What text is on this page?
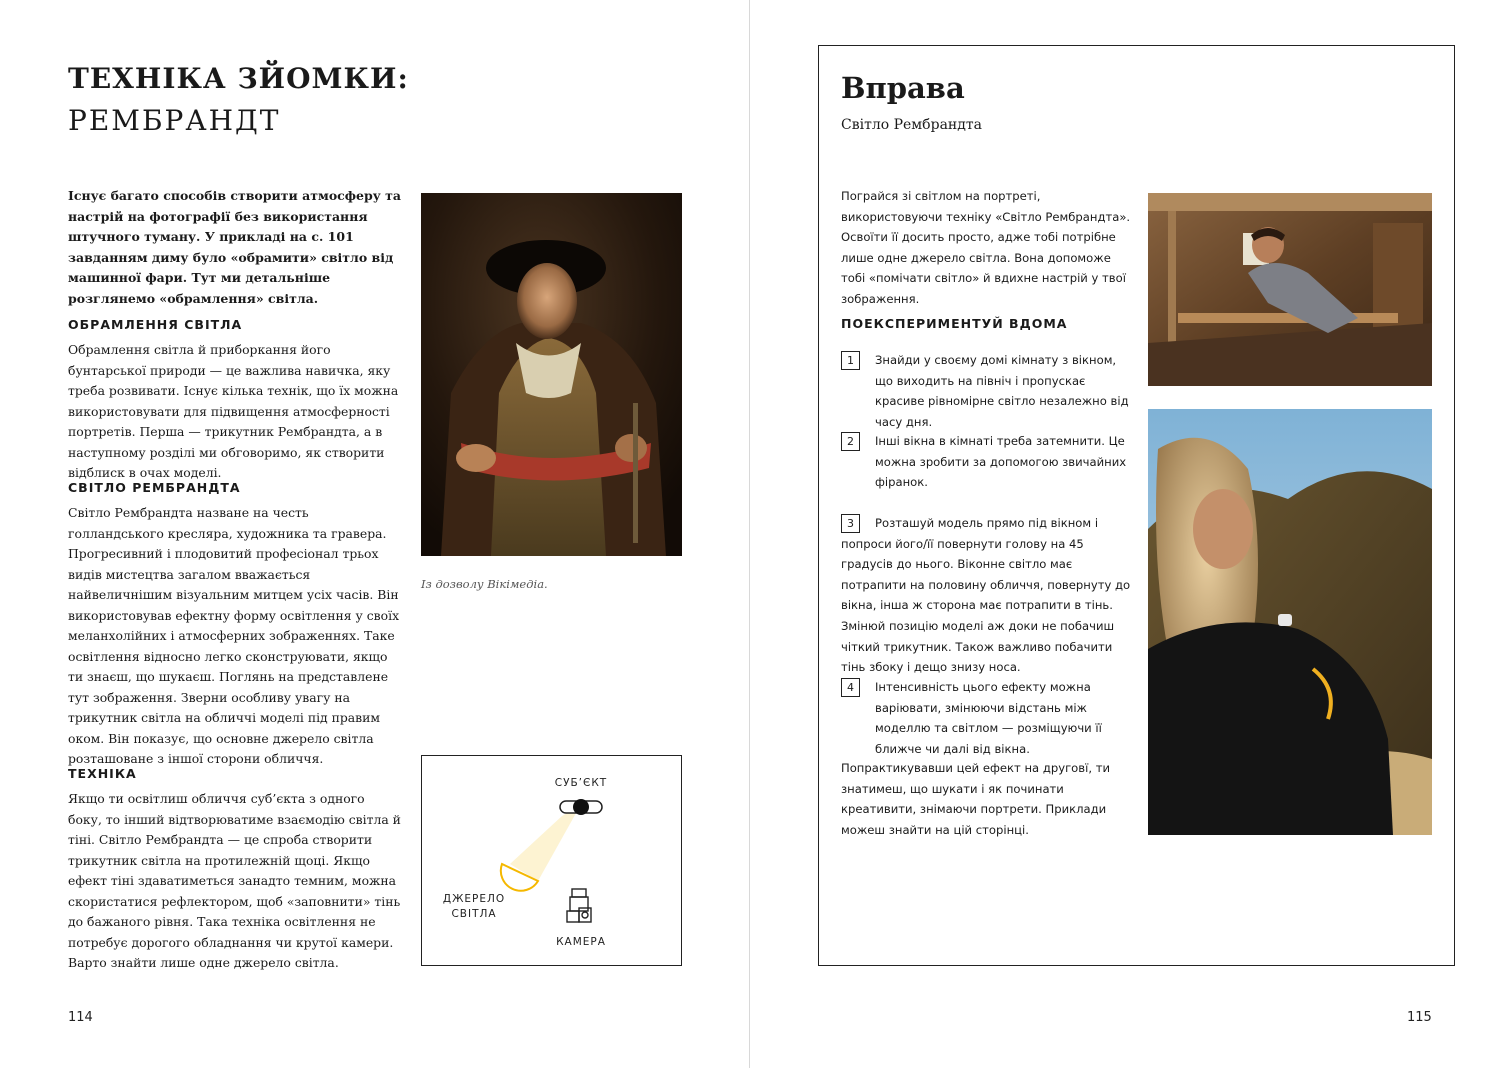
ТЕХНІКА ЗЙОМКИ:
РЕМБРАНДТ

Існує багато способів створити атмосферу та настрій на фотографії без використання штучного туману. У прикладі на с. 101 завданням диму було «обрамити» світло від машинної фари. Тут ми детальніше розглянемо «обрамлення» світла.

ОБРАМЛЕННЯ СВІТЛА

Обрамлення світла й приборкання його бунтарської природи — це важлива навичка, яку треба розвивати. Існує кілька технік, що їх можна використовувати для підвищення атмосферності портретів. Перша — трикутник Рембрандта, а в наступному розділі ми обговоримо, як створити відблиск в очах моделі.

СВІТЛО РЕМБРАНДТА

Світло Рембрандта назване на честь голландського кресляра, художника та гравера. Прогресивний і плодовитий професіонал трьох видів мистецтва загалом вважається найвеличнішим візуальним митцем усіх часів. Він використовував ефектну форму освітлення у своїх меланхолійних і атмосферних зображеннях. Таке освітлення відносно легко сконструювати, якщо ти знаєш, що шукаєш. Поглянь на представлене тут зображення. Зверни особливу увагу на трикутник світла на обличчі моделі під правим оком. Він показує, що основне джерело світла розташоване з іншої сторони обличчя.

ТЕХНІКА

Якщо ти освітлиш обличчя суб’єкта з одного боку, то інший відтворюватиме взаємодію світла й тіні. Світло Рембрандта — це спроба створити трикутник світла на протилежній щоці. Якщо ефект тіні здаватиметься занадто темним, можна скористатися рефлектором, щоб «заповнити» тінь до бажаного рівня. Така техніка освітлення не потребує дорогого обладнання чи крутої камери. Варто знайти лише одне джерело світла.

Із дозволу Вікімедіа.
СУБ’ЄКТ
ДЖЕРЕЛО
СВІТЛА
КАМЕРА
114
Вправа
Світло Рембрандта

Пограйся зі світлом на портреті, використовуючи техніку «Світло Рембрандта». Освоїти її досить просто, адже тобі потрібне лише одне джерело світла. Вона допоможе тобі «помічати світло» й вдихне настрій у твої зображення.

ПОЕКСПЕРИМЕНТУЙ ВДОМА
1	Знайди у своєму домі кімнату з вікном, що виходить на північ і пропускає красиве рівномірне світло незалежно від часу дня.

2	Інші вікна в кімнаті треба затемнити. Це можна зробити за допомогою звичайних фіранок.

3	Розташуй модель прямо під вікном і попроси його/її повернути голову на 45 градусів до нього. Віконне світло має потрапити на половину обличчя, повернуту до вікна, інша ж сторона має потрапити в тінь. Змінюй позицію моделі аж доки не побачиш чіткий трикутник. Також важливо побачити тінь збоку і дещо знизу носа.

4	Інтенсивність цього ефекту можна варіювати, змінюючи відстань між моделлю та світлом — розміщуючи її ближче чи далі від вікна.

Попрактикувавши цей ефект на друговї, ти знатимеш, що шукати і як починати креативити, знімаючи портрети. Приклади можеш знайти на цій сторінці.

115
